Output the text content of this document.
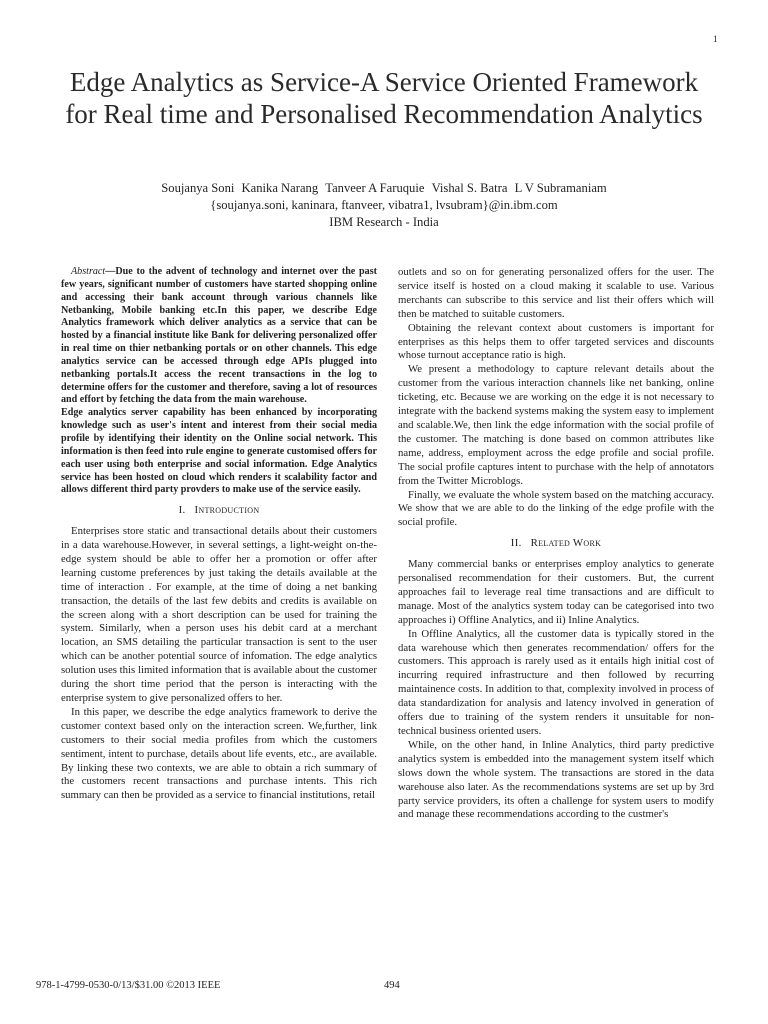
1
Edge Analytics as Service-A Service Oriented Framework for Real time and Personalised Recommendation Analytics
Soujanya Soni Kanika Narang Tanveer A Faruquie Vishal S. Batra L V Subramaniam
{soujanya.soni, kaninara, ftanveer, vibatra1, lvsubram}@in.ibm.com
IBM Research - India

Abstract—Due to the advent of technology and internet over the past few years, significant number of customers have started shopping online and accessing their bank account through various channels like Netbanking, Mobile banking etc.In this paper, we describe Edge Analytics framework which deliver analytics as a service that can be hosted by a financial institute like Bank for delivering personalized offer in real time on thier netbanking portals or on other channels. This edge analytics service can be accessed through edge APIs plugged into netbanking portals.It access the recent transactions in the log to determine offers for the customer and therefore, saving a lot of resources and effort by fetching the data from the main warehouse.

Edge analytics server capability has been enhanced by incorporating knowledge such as user's intent and interest from their social media profile by identifying their identity on the Online social network. This information is then feed into rule engine to generate customised offers for each user using both enterprise and social information. Edge Analytics service has been hosted on cloud which renders it scalability factor and allows different third party provders to make use of the service easily.

I. Introduction

Enterprises store static and transactional details about their customers in a data warehouse.However, in several settings, a light-weight on-the-edge system should be able to offer her a promotion or offer after learning custome preferences by just taking the details available at the time of interaction . For example, at the time of doing a net banking transaction, the details of the last few debits and credits is available on the screen along with a short description can be used for training the system. Similarly, when a person uses his debit card at a merchant location, an SMS detailing the particular transaction is sent to the user which can be another potential source of infomation. The edge analytics solution uses this limited information that is available about the customer during the short time period that the person is interacting with the enterprise system to give personalized offers to her.

In this paper, we describe the edge analytics framework to derive the customer context based only on the interaction screen. We,further, link customers to their social media profiles from which the customers sentiment, intent to purchase, details about life events, etc., are available. By linking these two contexts, we are able to obtain a rich summary of the customers recent transactions and purchase intents. This rich summary can then be provided as a service to financial institutions, retail

outlets and so on for generating personalized offers for the user. The service itself is hosted on a cloud making it scalable to use. Various merchants can subscribe to this service and list their offers which will then be matched to suitable customers.

Obtaining the relevant context about customers is important for enterprises as this helps them to offer targeted services and discounts whose turnout acceptance ratio is high.

We present a methodology to capture relevant details about the customer from the various interaction channels like net banking, online ticketing, etc. Because we are working on the edge it is not necessary to integrate with the backend systems making the system easy to implement and scalable.We, then link the edge information with the social profile of the customer. The matching is done based on common attributes like name, address, employment across the edge profile and social profile. The social profile captures intent to purchase with the help of annotators from the Twitter Microblogs.

Finally, we evaluate the whole system based on the matching accuracy. We show that we are able to do the linking of the edge profile with the social profile.

II. Related Work

Many commercial banks or enterprises employ analytics to generate personalised recommendation for their customers. But, the current approaches fail to leverage real time transactions and are difficult to manage. Most of the analytics system today can be categorised into two approaches i) Offline Analytics, and ii) Inline Analytics.

In Offline Analytics, all the customer data is typically stored in the data warehouse which then generates recommendation/ offers for the customers. This approach is rarely used as it entails high initial cost of incurring required infrastructure and then followed by recurring maintainence costs. In addition to that, complexity involved in process of data standardization for analysis and latency involved in generation of offers due to training of the system renders it unsuitable for non-technical business oriented users.

While, on the other hand, in Inline Analytics, third party predictive analytics system is embedded into the management system itself which slows down the whole system. The transactions are stored in the data warehouse also later. As the recommendations systems are set up by 3rd party service providers, its often a challenge for system users to modify and manage these recommendations according to the custmer's

978-1-4799-0530-0/13/$31.00 ©2013 IEEE	494
